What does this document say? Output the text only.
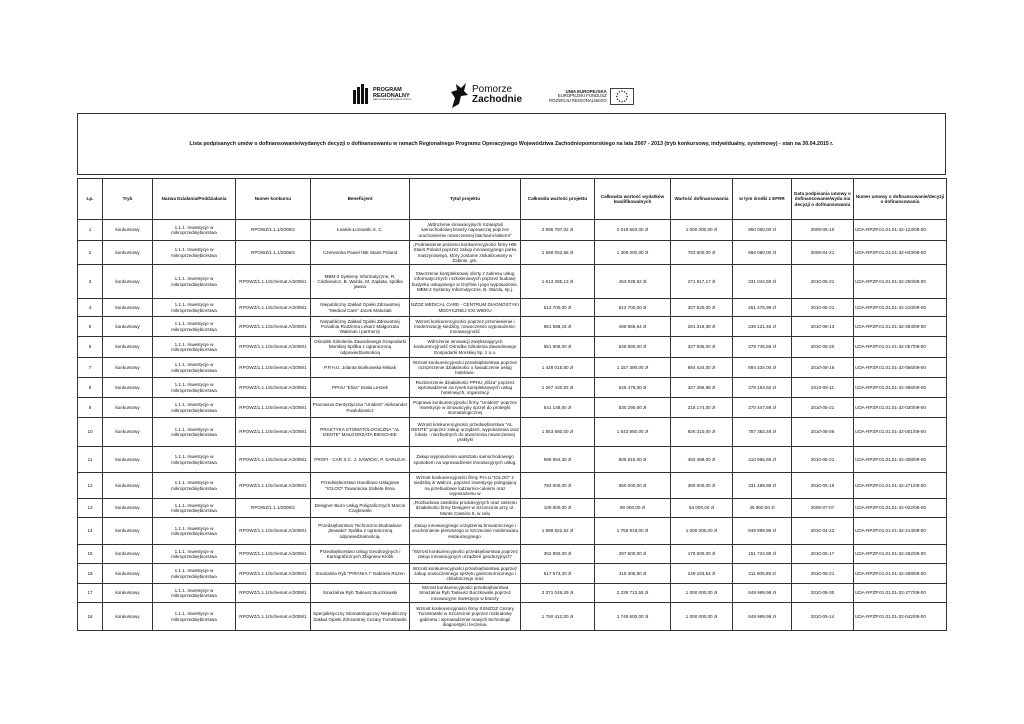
PROGRAM
REGIONALNY
NARODOWA STRATEGIA SPÓJNOŚCI
Pomorze
Zachodnie
UNIA EUROPEJSKA
EUROPEJSKI FUNDUSZ
ROZWOJU REGIONALNEGO
Lista podpisanych umów o dofinansowanie/wydanych decyzji o dofinansowaniu w ramach Regionalnego Programu Operacyjnego Województwa Zachodniopomorskiego na lata 2007 - 2013 (tryb konkursowy, indywidualny, systemowy) - stan na 30.04.2015 r.
Lp.	Tryb	Nazwa Działania/Poddziałania	Numer konkursu	Beneficjent	Tytuł projektu	Całkowita wartość projektu	Całkowita wartość wydatków kwalifikowalnych	Wartość dofinansowania	w tym środki z EFRR	Data podpisania umowy o dofinansowanie/wyda nia decyzji o dofinansowaniu	Numer umowy o dofinansowanie/decyzji o dofinansowaniu
1	konkursowy	1.1.1. Inwestycje w mikroprzedsiębiorstwa	RPOWZ/1.1.1/2008/2	Łowkis-Łozowski S. C.	„Wdrożenie innowacyjnych rozwiązań samochodowej branży naprawczej poprzez uruchomienie nowoczesnej blacharni-lakierni”	2 695 787,02 zł	2 018 563,00 zł	1 000 000,00 zł	850 000,00 zł	2009-06-10	UDA-RPZP.01.01.01-32-123/08-00
2	konkursowy	1.1.1. Inwestycje w mikroprzedsiębiorstwa	RPOWZ/1.1.1/2008/2	Czerwonka Paweł HBI Stairs Poland	„Podniesienie poziomu konkurencyjności firmy HBI Stairs Poland poprzez zakup innowacyjnego parku maszynowego, który zostanie zlokalizowany w Żabinie, gm.	1 558 052,66 zł	1 306 000,00 zł	783 600,00 zł	666 060,00 zł	2009-04-21	UDA-RPZP.01.01.01-32-043/08-00
3	konkursowy	1.1.1. Inwestycje w mikroprzedsiębiorstwa	RPOWZ/1.1.1/Schemat A/2009/1	MBM-2 Systemy Informatyczne, R. Ciszkiewicz, B. Warda, M. Zapłata, spółka jawna	Stworzenie kompleksowej oferty z zakresu usług informatycznych i szkoleniowych poprzez budowę budynku usługowego w Gryfinie i jego wyposażenie, MBM-2 Systemy Informatyczne, B. Warda, sp.j.	1 613 395,13 zł	453 028,62 zł	271 817,17 zł	231 044,59 zł	2010-05-21	UDA-RPZP.01.01.01-32-250/09-00
4	konkursowy	1.1.1. Inwestycje w mikroprzedsiębiorstwa	RPOWZ/1.1.1/Schemat A/2009/1	Niepubliczny Zakład Opieki Zdrowotnej "Medical Care" Jacek Matusiak	NZOZ MEDICAL CARE - CENTRUM DIAGNOSTYKI MEDYCZNEJ XXI WIEKU	512 700,00 zł	512 700,00 zł	307 620,00 zł	261 476,99 zł	2010-05-21	UDA-RPZP.01.01.01-32-210/09-00
5	konkursowy	1.1.1. Inwestycje w mikroprzedsiębiorstwa	RPOWZ/1.1.1/Schemat A/2009/1	Niepubliczny Zakład Opieki Zdrowotnej Poradnia Rodzinna Lekarz Małgorzata Walerian i partnerzy	Wzrost konkurencyjności poprzez przeniesienie i modernizację siedziby, nowoczesne wyposażenie, innowacyjność	881 588,15 zł	468 865,64 zł	281 319,38 zł	239 121,46 zł	2010-08-13	UDA-RPZP.01.01.01-32-354/09-00
6	konkursowy	1.1.1. Inwestycje w mikroprzedsiębiorstwa	RPOWZ/1.1.1/Schemat A/2009/1	Ośrodek Szkolenia Zawodowego Gospodarki Morskiej Spółka z ograniczoną odpowiedzialnością	Wdrożenie innowacji zwiększających konkurencyjność Ośrodka Szkolenia Zawodowego Gospodarki Morskiej Sp. z o.o.	551 806,00 zł	546 560,00 zł	327 936,00 zł	278 745,59 zł	2010-05-20	UDA-RPZP.01.01.01-32-057/09-00
7	konkursowy	1.1.1. Inwestycje w mikroprzedsiębiorstwa	RPOWZ/1.1.1/Schemat A/2009/1	P.P.H.U. Jolanta Bońkowska-Misiak	Wzrost konkurencyjności przedsiębiorstwa poprzez rozszerzenie działalności o świadczenie usług hotelowo-	1 426 015,80 zł	1 157 390,00 zł	694 434,00 zł	694 434,00 zł	2010-08-16	UDA-RPZP.01.01.01-32-056/09-00
8	konkursowy	1.1.1. Inwestycje w mikroprzedsiębiorstwa	RPOWZ/1.1.1/Schemat A/2009/1	PPHU "Eliza" Szała Leszek	Rozszerzenie działalności PPHU „Eliza” poprzez wprowadzenie na rynek kompleksowych usług hotelowych, organizacji	1 267 420,83 zł	545 478,30 zł	327 286,98 zł	278 193,92 zł	2010-05-11	UDA-RPZP.01.01.01-32-366/09-00
9	konkursowy	1.1.1. Inwestycje w mikroprzedsiębiorstwa	RPOWZ/1.1.1/Schemat A/2009/1	Pracownia Dentystyczna "Unident" Aleksander Pawlukiewicz	Poprawa konkurencyjności firmy "Unident" poprzez inwestycje w innowacyjny sprzęt do protetyki stomatologicznej	541 148,00 zł	530 290,00 zł	318 174,00 zł	270 447,89 zł	2010-05-21	UDA-RPZP.01.01.01-32-020/09-00
10	konkursowy	1.1.1. Inwestycje w mikroprzedsiębiorstwa	RPOWZ/1.1.1/Schemat A/2009/1	PRAKTYKA STOMATOLOGICZNA "AL DENTE" MAŁGORZATA BIESCHKE	Wzrost konkurencyjności przedsiębiorstwa "AL DENTE" poprzez zakup urządzeń, wyposażenia oraz lokalu - niezbędnych do utworzenia nowoczesnej praktyki	1 553 680,00 zł	1 543 850,00 zł	926 310,00 zł	787 363,48 zł	2010-08-06	UDA-RPZP.01.01.01-32-001/09-00
11	konkursowy	1.1.1. Inwestycje w mikroprzedsiębiorstwa	RPOWZ/1.1.1/Schemat A/2009/1	PROFI - CAR S.C. J. SAWICKI, P. SARLEJA	Zakup wyposażenia warsztatu samochodowego sposobem na wprowadzenie innowacyjnych usług.	998 954,30 zł	805 815,00 zł	483 489,00 zł	410 965,65 zł	2010-05-21	UDA-RPZP.01.01.01-32-308/09-00
12	konkursowy	1.1.1. Inwestycje w mikroprzedsiębiorstwa	RPOWZ/1.1.1/Schemat A/2009/1	Przedsiębiorstwo Handlowo-Usługowe "IGLOO" Towarnicka Izabela Ilona	Wzrost konkurencyjności firmy P.H.U."IGLOO" z siedzibą w Wałczu, poprzez inwestycję polegającą na przebudowie lodziarnio-cukierni oraz wyposażeniu w	793 000,00 zł	650 000,00 zł	390 000,00 zł	331 499,99 zł	2010-05-19	UDA-RPZP.01.01.01-32-271/09-00
13	konkursowy	1.1.1. Inwestycje w mikroprzedsiębiorstwa	RPOWZ/1.1.1/2008/2	Designer Biuro Usług Poligraficznych Marcin Czajkowski	„Rozbudowa zasobów produkcyjnych oraz zakresu działalności firmy Designer w Szczecinie przy ul. Monte Cassino 9, w celu	109 800,00 zł	90 000,00 zł	54 000,00 zł	45 900,00 zł	2009-07-07	UDA-RPZP.01.01.01-32-022/08-00
14	konkursowy	1.1.1. Inwestycje w mikroprzedsiębiorstwa	RPOWZ/1.1.1/Schemat A/2009/1	Przedsiębiorstwo Techniczno-Budowlane „Bewako” Spółka z ograniczoną odpowiedzialnością.	Zakup innowacyjnego urządzenia browarniczego i uruchomienie pierwszego w Szczecinie minibrowaru restauracyjnego.	1 898 822,52 zł	1 755 918,00 zł	1 000 000,00 zł	849 999,99 zł	2010-04-22	UDA-RPZP.01.01.01-32-214/09-00
15	konkursowy	1.1.1. Inwestycje w mikroprzedsiębiorstwa	RPOWZ/1.1.1/Schemat A/2009/1	Przedsiębiorstwo Usług Geodezyjnych i Kartograficznych Zbigniew Królik	"Wzrost konkurencyjności przedsiębiorstwa poprzez zakup innowacyjnych urządzeń geodezyjnych"	362 950,00 zł	297 500,00 zł	178 500,00 zł	151 724,98 zł	2010-05-17	UDA-RPZP.01.01.01-32-262/09-00
16	konkursowy	1.1.1. Inwestycje w mikroprzedsiębiorstwa	RPOWZ/1.1.1/Schemat A/2009/1	Smażalnia Ryb "PIRANIA I" Gabriela Rożen	Wzrost konkurencyjności przedsiębiorstwa poprzez zakup nowoczesnego sprzętu gastronomicznego i chłodniczego oraz	517 573,20 zł	415 305,90 zł	249 183,54 zł	211 805,99 zł	2010-05-21	UDA-RPZP.01.01.01-32-298/09-00
17	konkursowy	1.1.1. Inwestycje w mikroprzedsiębiorstwa	RPOWZ/1.1.1/Schemat A/2009/1	Smażalnia Ryb Tadeusz Buczkowski	Wzrost konkurencyjności przedsiębiorstwa Smażalnia Ryb Tadeusz Buczkowski poprzez innowacyjne inwestycje w branży	3 371 046,29 zł	2 239 712,55 zł	1 000 000,00 zł	849 999,98 zł	2010-08-30	UDA-RPZP.01.01.01-32-277/09-00
18	konkursowy	1.1.1. Inwestycje w mikroprzedsiębiorstwa	RPOWZ/1.1.1/Schemat A/2009/1	Specjalistyczny Stomatologiczny Niepubliczny Zakład Opieki Zdrowotnej Cezary Turostowski	Wzrost konkurencyjności firmy SSNZOZ Cezary Turostowski w Szczecinie poprzez rozbudowę gabinetu i wprowadzenie nowych technologii diagnostyki i leczenia.	1 760 412,00 zł	1 749 600,00 zł	1 000 000,00 zł	849 999,99 zł	2010-05-14	UDA-RPZP.01.01.01-32-042/09-00
